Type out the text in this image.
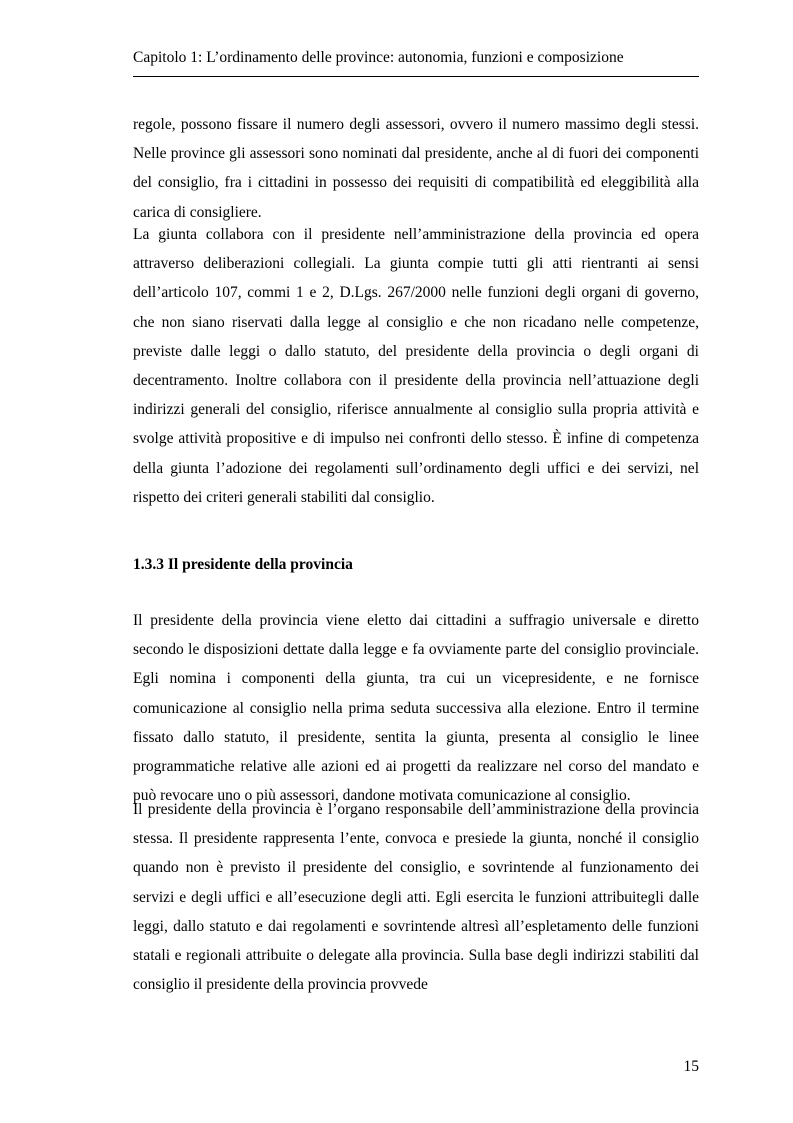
Capitolo 1: L’ordinamento delle province: autonomia, funzioni e composizione

regole, possono fissare il numero degli assessori, ovvero il numero massimo degli stessi. Nelle province gli assessori sono nominati dal presidente, anche al di fuori dei componenti del consiglio, fra i cittadini in possesso dei requisiti di compatibilità ed eleggibilità alla carica di consigliere.

La giunta collabora con il presidente nell’amministrazione della provincia ed opera attraverso deliberazioni collegiali. La giunta compie tutti gli atti rientranti ai sensi dell’articolo 107, commi 1 e 2, D.Lgs. 267/2000 nelle funzioni degli organi di governo, che non siano riservati dalla legge al consiglio e che non ricadano nelle competenze, previste dalle leggi o dallo statuto, del presidente della provincia o degli organi di decentramento. Inoltre collabora con il presidente della provincia nell’attuazione degli indirizzi generali del consiglio, riferisce annualmente al consiglio sulla propria attività e svolge attività propositive e di impulso nei confronti dello stesso. È infine di competenza della giunta l’adozione dei regolamenti sull’ordinamento degli uffici e dei servizi, nel rispetto dei criteri generali stabiliti dal consiglio.

1.3.3 Il presidente della provincia

Il presidente della provincia viene eletto dai cittadini a suffragio universale e diretto secondo le disposizioni dettate dalla legge e fa ovviamente parte del consiglio provinciale. Egli nomina i componenti della giunta, tra cui un vicepresidente, e ne fornisce comunicazione al consiglio nella prima seduta successiva alla elezione. Entro il termine fissato dallo statuto, il presidente, sentita la giunta, presenta al consiglio le linee programmatiche relative alle azioni ed ai progetti da realizzare nel corso del mandato e può revocare uno o più assessori, dandone motivata comunicazione al consiglio.

Il presidente della provincia è l’organo responsabile dell’amministrazione della provincia stessa. Il presidente rappresenta l’ente, convoca e presiede la giunta, nonché il consiglio quando non è previsto il presidente del consiglio, e sovrintende al funzionamento dei servizi e degli uffici e all’esecuzione degli atti. Egli esercita le funzioni attribuitegli dalle leggi, dallo statuto e dai regolamenti e sovrintende altresì all’espletamento delle funzioni statali e regionali attribuite o delegate alla provincia. Sulla base degli indirizzi stabiliti dal consiglio il presidente della provincia provvede

15
